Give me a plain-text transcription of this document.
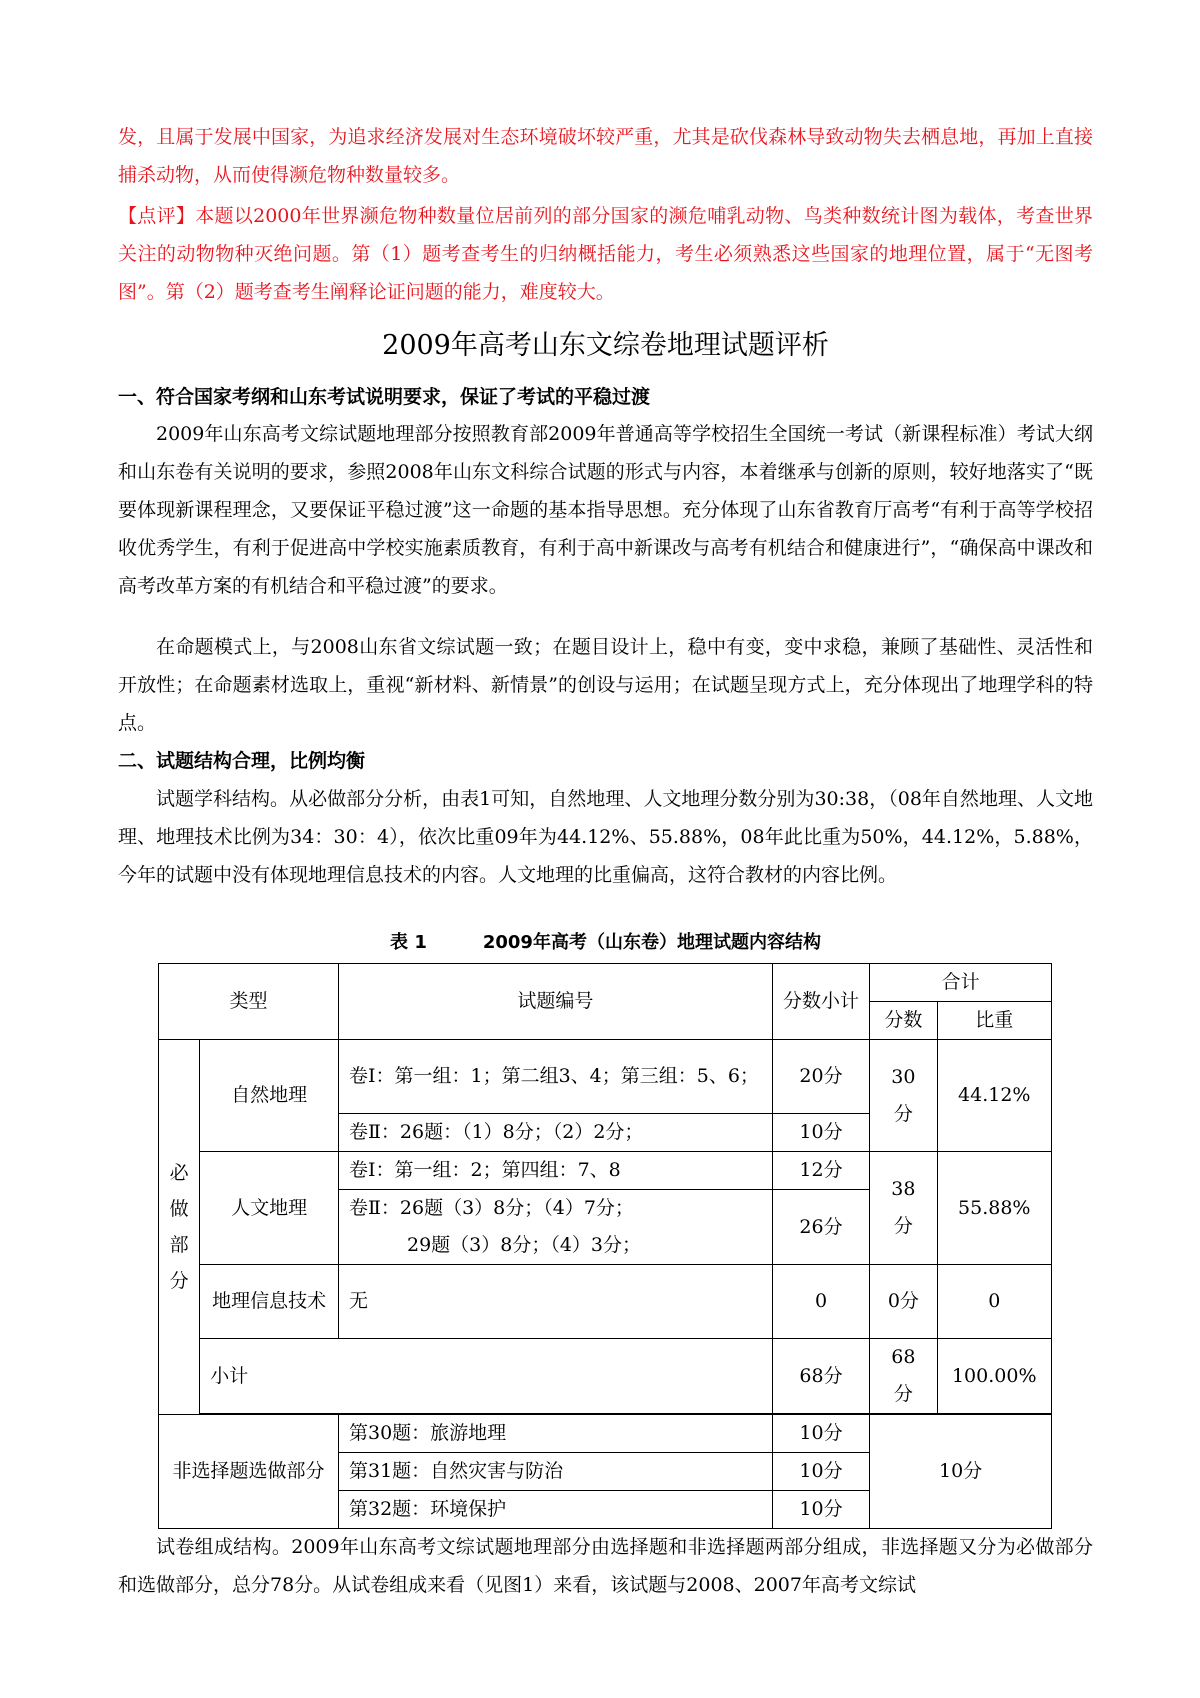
发，且属于发展中国家，为追求经济发展对生态环境破坏较严重，尤其是砍伐森林导致动物失去栖息地，再加上直接捕杀动物，从而使得濒危物种数量较多。

【点评】本题以2000年世界濒危物种数量位居前列的部分国家的濒危哺乳动物、鸟类种数统计图为载体，考查世界关注的动物物种灭绝问题。第（1）题考查考生的归纳概括能力，考生必须熟悉这些国家的地理位置，属于“无图考图”。第（2）题考查考生阐释论证问题的能力，难度较大。

2009年高考山东文综卷地理试题评析
一、符合国家考纲和山东考试说明要求，保证了考试的平稳过渡

2009年山东高考文综试题地理部分按照教育部2009年普通高等学校招生全国统一考试（新课程标准）考试大纲和山东卷有关说明的要求，参照2008年山东文科综合试题的形式与内容，本着继承与创新的原则，较好地落实了“既要体现新课程理念，又要保证平稳过渡”这一命题的基本指导思想。充分体现了山东省教育厅高考“有利于高等学校招收优秀学生，有利于促进高中学校实施素质教育，有利于高中新课改与高考有机结合和健康进行”，“确保高中课改和高考改革方案的有机结合和平稳过渡”的要求。

在命题模式上，与2008山东省文综试题一致；在题目设计上，稳中有变，变中求稳，兼顾了基础性、灵活性和开放性；在命题素材选取上，重视“新材料、新情景”的创设与运用；在试题呈现方式上，充分体现出了地理学科的特点。

二、试题结构合理，比例均衡

试题学科结构。从必做部分分析，由表1可知，自然地理、人文地理分数分别为30:38，（08年自然地理、人文地理、地理技术比例为34：30：4），依次比重09年为44.12%、55.88%，08年此比重为50%，44.12%，5.88%，今年的试题中没有体现地理信息技术的内容。人文地理的比重偏高，这符合教材的内容比例。

表 1	2009年高考（山东卷）地理试题内容结构
类型		试题编号	分数小计	合计	
				分数	比重

必做部分	自然地理	卷Ⅰ：第一组：1；第二组3、4；第三组：5、6；	20分	30分	44.12%
		卷Ⅱ：26题：（1）8分；（2）2分；	10分		
	人文地理	卷Ⅰ：第一组：2；第四组：7、8	12分	38分	55.88%

		卷Ⅱ：26题（3）8分；（4）7分；
29题（3）8分；（4）3分；	26分		
	地理信息技术	无	0	0分	0
	小计		68分	68分	100.00%

非选择题选做部分		第30题：旅游地理	10分	10分	
		第31题：自然灾害与防治	10分		
		第32题：环境保护	10分		

试卷组成结构。2009年山东高考文综试题地理部分由选择题和非选择题两部分组成，非选择题又分为必做部分和选做部分，总分78分。从试卷组成来看（见图1）来看，该试题与2008、2007年高考文综试
